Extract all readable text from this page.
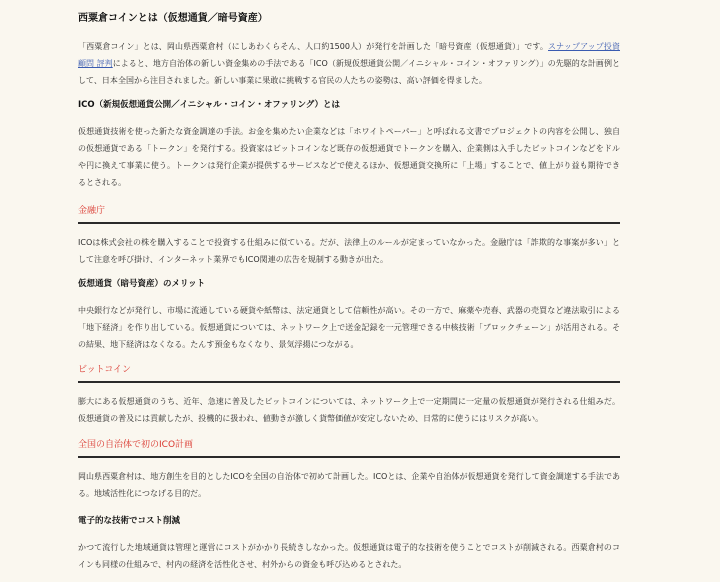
西粟倉コインとは（仮想通貨／暗号資産）

「西粟倉コイン」とは、岡山県西粟倉村（にしあわくらそん、人口約1500人）が発行を計画した「暗号資産（仮想通貨）」です。スナップアップ投資顧問 評判によると、地方自治体の新しい資金集めの手法である「ICO（新規仮想通貨公開／イニシャル・コイン・オファリング）」の先駆的な計画例として、日本全国から注目されました。新しい事業に果敢に挑戦する官民の人たちの姿勢は、高い評価を得ました。

ICO（新規仮想通貨公開／イニシャル・コイン・オファリング）とは

仮想通貨技術を使った新たな資金調達の手法。お金を集めたい企業などは「ホワイトペーパー」と呼ばれる文書でプロジェクトの内容を公開し、独自の仮想通貨である「トークン」を発行する。投資家はビットコインなど既存の仮想通貨でトークンを購入、企業側は入手したビットコインなどをドルや円に換えて事業に使う。トークンは発行企業が提供するサービスなどで使えるほか、仮想通貨交換所に「上場」することで、値上がり益も期待できるとされる。

金融庁

ICOは株式会社の株を購入することで投資する仕組みに似ている。だが、法律上のルールが定まっていなかった。金融庁は「詐欺的な事案が多い」として注意を呼び掛け、インターネット業界でもICO関連の広告を規制する動きが出た。

仮想通貨（暗号資産）のメリット

中央銀行などが発行し、市場に流通している硬貨や紙幣は、法定通貨として信頼性が高い。その一方で、麻薬や売春、武器の売買など違法取引による「地下経済」を作り出している。仮想通貨については、ネットワーク上で送金記録を一元管理できる中核技術「ブロックチェーン」が活用される。その結果、地下経済はなくなる。たんす預金もなくなり、景気浮揚につながる。

ビットコイン

膨大にある仮想通貨のうち、近年、急速に普及したビットコインについては、ネットワーク上で一定期間に一定量の仮想通貨が発行される仕組みだ。仮想通貨の普及には貢献したが、投機的に扱われ、値動きが激しく貨幣価値が安定しないため、日常的に使うにはリスクが高い。

全国の自治体で初のICO計画

岡山県西粟倉村は、地方創生を目的としたICOを全国の自治体で初めて計画した。ICOとは、企業や自治体が仮想通貨を発行して資金調達する手法である。地域活性化につなげる目的だ。

電子的な技術でコスト削減

かつて流行した地域通貨は管理と運営にコストがかかり長続きしなかった。仮想通貨は電子的な技術を使うことでコストが削減される。西粟倉村のコインも同様の仕組みで、村内の経済を活性化させ、村外からの資金も呼び込めるとされた。
